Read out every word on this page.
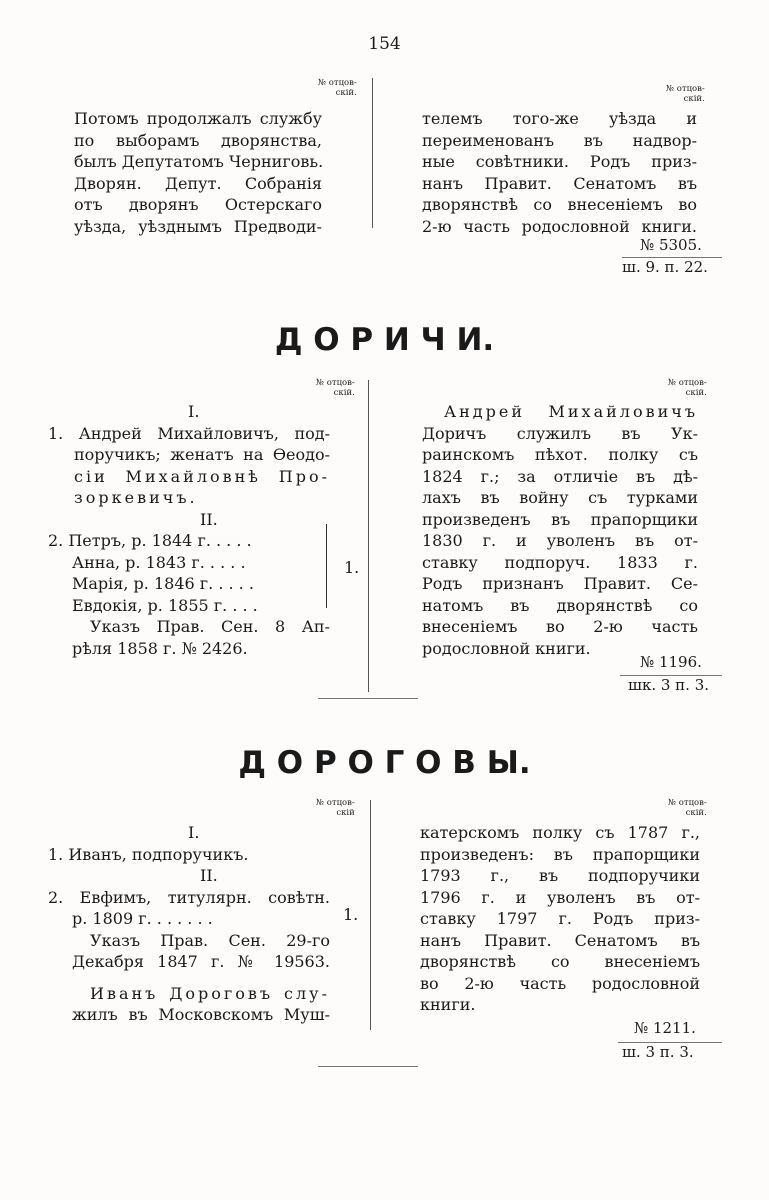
154
№ отцов-
скій.	№ отцов-
скій.
Потомъ продолжалъ службу
по выборамъ дворянства,
былъ Депутатомъ Черниговь.
Дворян. Депут. Собранія
отъ дворянъ Остерскаго
уѣзда, уѣзднымъ Предводи-
телемъ того-же уѣзда и
переименованъ въ надвор-
ные совѣтники. Родъ приз-
нанъ Правит. Сенатомъ въ
дворянствѣ со внесеніемъ во
2-ю часть родословной книги.
№ 5305.
ш. 9. п. 22.
Д О Р И Ч И.
№ отцов-
скій.
№ отцов-
скій.
I.
1. Андрей Михайловичъ, под-
поручикъ; женатъ на Ѳеодо-
сіи Михайловнѣ Про-
зоркевичъ.
II.
2. Петръ, р. 1844 г. . . . .
Анна, р. 1843 г. . . . .
Марія, р. 1846 г. . . . .
Евдокія, р. 1855 г. . . .
Указъ Прав. Сен. 8 Ап-
рѣля 1858 г. № 2426.
1.
Андрей Михайловичъ
Доричъ служилъ въ Ук-
раинскомъ пѣхот. полку съ
1824 г.; за отличіе въ дѣ-
лахъ въ войну съ турками
произведенъ въ прапорщики
1830 г. и уволенъ въ от-
ставку подпоруч. 1833 г.
Родъ признанъ Правит. Се-
натомъ въ дворянствѣ со
внесеніемъ во 2-ю часть
родословной книги.
№ 1196.
шк. 3 п. 3.
Д О Р О Г О В Ы.
№ отцов-
скій
№ отцов-
скій.
I.
1. Иванъ, подпоручикъ.
II.
2. Евфимъ, титулярн. совѣтн.
р. 1809 г. . . . . . .
Указъ Прав. Сен. 29-го
Декабря 1847 г. № 19563.
Иванъ Дороговъ слу-
жилъ въ Московскомъ Муш-
1.
катерскомъ полку съ 1787 г.,
произведенъ: въ прапорщики
1793 г., въ подпоручики
1796 г. и уволенъ въ от-
ставку 1797 г. Родъ приз-
нанъ Правит. Сенатомъ въ
дворянствѣ со внесеніемъ
во 2-ю часть родословной
книги.
№ 1211.
ш. 3 п. 3.
